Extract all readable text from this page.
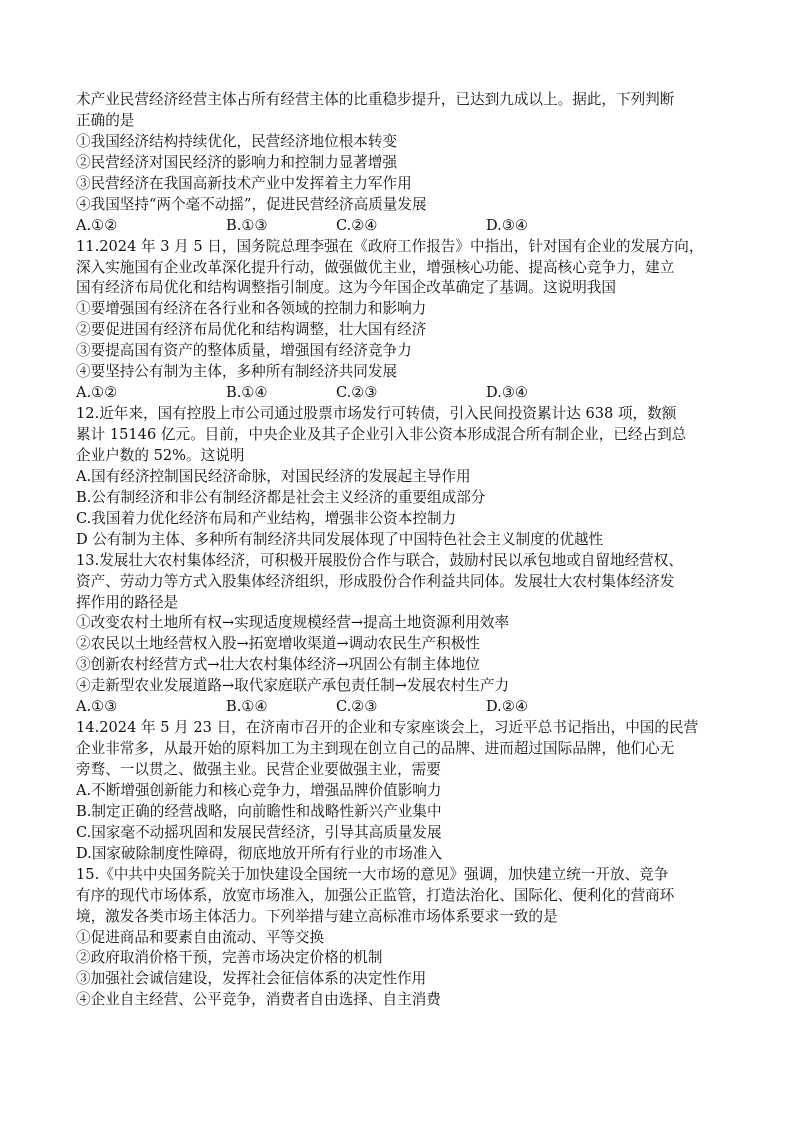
术产业民营经济经营主体占所有经营主体的比重稳步提升，已达到九成以上。据此，下列判断
正确的是
①我国经济结构持续优化，民营经济地位根本转变
②民营经济对国民经济的影响力和控制力显著增强
③民营经济在我国高新技术产业中发挥着主力军作用
④我国坚持“两个毫不动摇”，促进民营经济高质量发展
A.①②	B.①③	C.②④	D.③④
11.2024 年 3 月 5 日，国务院总理李强在《政府工作报告》中指出，针对国有企业的发展方向，
深入实施国有企业改革深化提升行动，做强做优主业，增强核心功能、提高核心竞争力，建立
国有经济布局优化和结构调整指引制度。这为今年国企改革确定了基调。这说明我国
①要增强国有经济在各行业和各领域的控制力和影响力
②要促进国有经济布局优化和结构调整，壮大国有经济
③要提高国有资产的整体质量，增强国有经济竞争力
④要坚持公有制为主体，多种所有制经济共同发展
A.①②	B.①④	C.②③	D.③④
12.近年来，国有控股上市公司通过股票市场发行可转债，引入民间投资累计达 638 项，数额
累计 15146 亿元。目前，中央企业及其子企业引入非公资本形成混合所有制企业，已经占到总
企业户数的 52%。这说明
A.国有经济控制国民经济命脉，对国民经济的发展起主导作用
B.公有制经济和非公有制经济都是社会主义经济的重要组成部分
C.我国着力优化经济布局和产业结构，增强非公资本控制力
D 公有制为主体、多种所有制经济共同发展体现了中国特色社会主义制度的优越性
13.发展壮大农村集体经济，可积极开展股份合作与联合，鼓励村民以承包地或自留地经营权、
资产、劳动力等方式入股集体经济组织，形成股份合作利益共同体。发展壮大农村集体经济发
挥作用的路径是
①改变农村土地所有权→实现适度规模经营→提高土地资源利用效率
②农民以土地经营权入股→拓宽增收渠道→调动农民生产积极性
③创新农村经营方式→壮大农村集体经济→巩固公有制主体地位
④走新型农业发展道路→取代家庭联产承包责任制→发展农村生产力
A.①③	B.①④	C.②③	D.②④
14.2024 年 5 月 23 日，在济南市召开的企业和专家座谈会上，习近平总书记指出，中国的民营
企业非常多，从最开始的原料加工为主到现在创立自己的品牌、进而超过国际品牌，他们心无
旁骛、一以贯之、做强主业。民营企业要做强主业，需要
A.不断增强创新能力和核心竞争力，增强品牌价值影响力
B.制定正确的经营战略，向前瞻性和战略性新兴产业集中
C.国家毫不动摇巩固和发展民营经济，引导其高质量发展
D.国家破除制度性障碍，彻底地放开所有行业的市场准入
15.《中共中央国务院关于加快建设全国统一大市场的意见》强调，加快建立统一开放、竞争
有序的现代市场体系，放宽市场准入，加强公正监管，打造法治化、国际化、便利化的营商环
境，激发各类市场主体活力。下列举措与建立高标准市场体系要求一致的是
①促进商品和要素自由流动、平等交换
②政府取消价格干预，完善市场决定价格的机制
③加强社会诚信建设，发挥社会征信体系的决定性作用
④企业自主经营、公平竞争，消费者自由选择、自主消费
